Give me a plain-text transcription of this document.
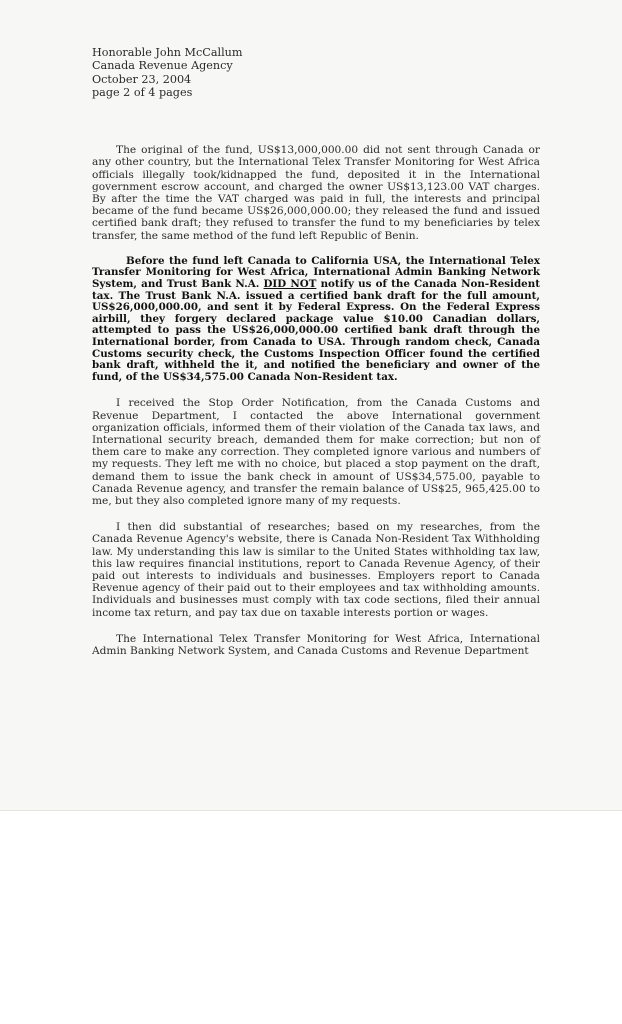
Honorable John McCallum
Canada Revenue Agency
October 23, 2004
page 2 of 4 pages

The original of the fund, US$13,000,000.00 did not sent through Canada or any other country, but the International Telex Transfer Monitoring for West Africa officials illegally took/kidnapped the fund, deposited it in the International government escrow account, and charged the owner US$13,123.00 VAT charges. By after the time the VAT charged was paid in full, the interests and principal became of the fund became US$26,000,000.00; they released the fund and issued certified bank draft; they refused to transfer the fund to my beneficiaries by telex transfer, the same method of the fund left Republic of Benin.

Before the fund left Canada to California USA, the International Telex Transfer Monitoring for West Africa, International Admin Banking Network System, and Trust Bank N.A. DID NOT notify us of the Canada Non-Resident tax. The Trust Bank N.A. issued a certified bank draft for the full amount, US$26,000,000.00, and sent it by Federal Express. On the Federal Express airbill, they forgery declared package value $10.00 Canadian dollars, attempted to pass the US$26,000,000.00 certified bank draft through the International border, from Canada to USA. Through random check, Canada Customs security check, the Customs Inspection Officer found the certified bank draft, withheld the it, and notified the beneficiary and owner of the fund, of the US$34,575.00 Canada Non-Resident tax.

I received the Stop Order Notification, from the Canada Customs and Revenue Department, I contacted the above International government organization officials, informed them of their violation of the Canada tax laws, and International security breach, demanded them for make correction; but non of them care to make any correction. They completed ignore various and numbers of my requests. They left me with no choice, but placed a stop payment on the draft, demand them to issue the bank check in amount of US$34,575.00, payable to Canada Revenue agency, and transfer the remain balance of US$25, 965,425.00 to me, but they also completed ignore many of my requests.

I then did substantial of researches; based on my researches, from the Canada Revenue Agency's website, there is Canada Non-Resident Tax Withholding law. My understanding this law is similar to the United States withholding tax law, this law requires financial institutions, report to Canada Revenue Agency, of their paid out interests to individuals and businesses. Employers report to Canada Revenue agency of their paid out to their employees and tax withholding amounts. Individuals and businesses must comply with tax code sections, filed their annual income tax return, and pay tax due on taxable interests portion or wages.

The International Telex Transfer Monitoring for West Africa, International Admin Banking Network System, and Canada Customs and Revenue Department
